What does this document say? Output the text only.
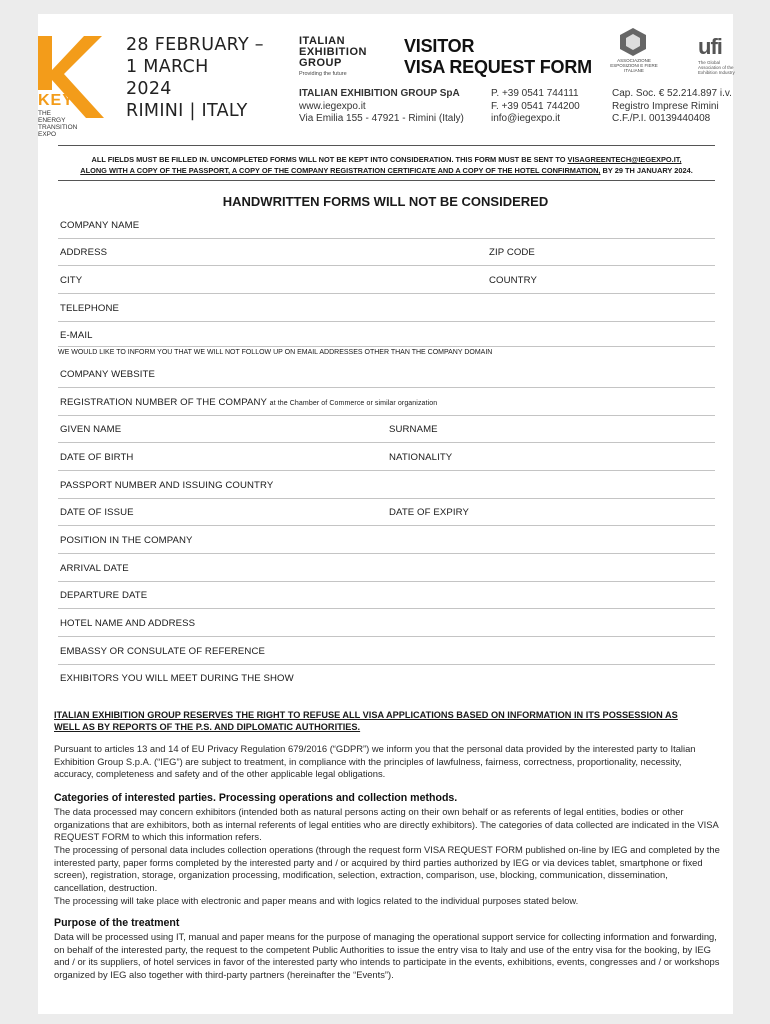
KEY
THE ENERGY TRANSITION EXPO
28 FEBRUARY –
1 MARCH
2024
RIMINI | ITALY
ITALIAN
EXHIBITION
GROUP
Providing the future
VISITOR
VISA REQUEST FORM	ASSOCIAZIONE ESPOSIZIONI E FIERE ITALIANE
ufi
The Global Association of the Exhibition Industry
ITALIAN EXHIBITION GROUP SpA
www.iegexpo.it
Via Emilia 155 - 47921 - Rimini (Italy)
P. +39 0541 744111
F. +39 0541 744200
info@iegexpo.it
Cap. Soc. € 52.214.897 i.v.
Registro Imprese Rimini
C.F./P.I. 00139440408
ALL FIELDS MUST BE FILLED IN. UNCOMPLETED FORMS WILL NOT BE KEPT INTO CONSIDERATION. THIS FORM MUST BE SENT TO VISAGREENTECH@IEGEXPO.IT,
ALONG WITH A COPY OF THE PASSPORT, A COPY OF THE COMPANY REGISTRATION CERTIFICATE AND A COPY OF THE HOTEL CONFIRMATION, BY 29 TH JANUARY 2024.
HANDWRITTEN FORMS WILL NOT BE CONSIDERED
COMPANY NAME
ADDRESS	ZIP CODE
CITY	COUNTRY
TELEPHONE
E-MAIL
WE WOULD LIKE TO INFORM YOU THAT WE WILL NOT FOLLOW UP ON EMAIL ADDRESSES OTHER THAN THE COMPANY DOMAIN
COMPANY WEBSITE
REGISTRATION NUMBER OF THE COMPANY at the Chamber of Commerce or similar organization
GIVEN NAME	SURNAME
DATE OF BIRTH	NATIONALITY
PASSPORT NUMBER AND ISSUING COUNTRY
DATE OF ISSUE	DATE OF EXPIRY
POSITION IN THE COMPANY
ARRIVAL DATE
DEPARTURE DATE
HOTEL NAME AND ADDRESS
EMBASSY OR CONSULATE OF REFERENCE
EXHIBITORS YOU WILL MEET DURING THE SHOW
ITALIAN EXHIBITION GROUP RESERVES THE RIGHT TO REFUSE ALL VISA APPLICATIONS BASED ON INFORMATION IN ITS POSSESSION AS WELL AS BY REPORTS OF THE P.S. AND DIPLOMATIC AUTHORITIES.
Pursuant to articles 13 and 14 of EU Privacy Regulation 679/2016 (“GDPR”) we inform you that the personal data provided by the interested party to Italian Exhibition Group S.p.A. (“IEG”) are subject to treatment, in compliance with the principles of lawfulness, fairness, correctness, proportionality, necessity, accuracy, completeness and safety and of the other applicable legal obligations.
Categories of interested parties. Processing operations and collection methods.
The data processed may concern exhibitors (intended both as natural persons acting on their own behalf or as referents of legal entities, bodies or other organizations that are exhibitors, both as internal referents of legal entities who are directly exhibitors). The categories of data collected are indicated in the VISA REQUEST FORM to which this information refers.
The processing of personal data includes collection operations (through the request form VISA REQUEST FORM published on-line by IEG and completed by the interested party, paper forms completed by the interested party and / or acquired by third parties authorized by IEG or via devices tablet, smartphone or fixed screen), registration, storage, organization processing, modification, selection, extraction, comparison, use, blocking, communication, dissemination, cancellation, destruction.
The processing will take place with electronic and paper means and with logics related to the individual purposes stated below.
Purpose of the treatment
Data will be processed using IT, manual and paper means for the purpose of managing the operational support service for collecting information and forwarding, on behalf of the interested party, the request to the competent Public Authorities to issue the entry visa to Italy and use of the entry visa for the booking, by IEG and / or its suppliers, of hotel services in favor of the interested party who intends to participate in the events, exhibitions, events, congresses and / or workshops organized by IEG also together with third-party partners (hereinafter the “Events”).
